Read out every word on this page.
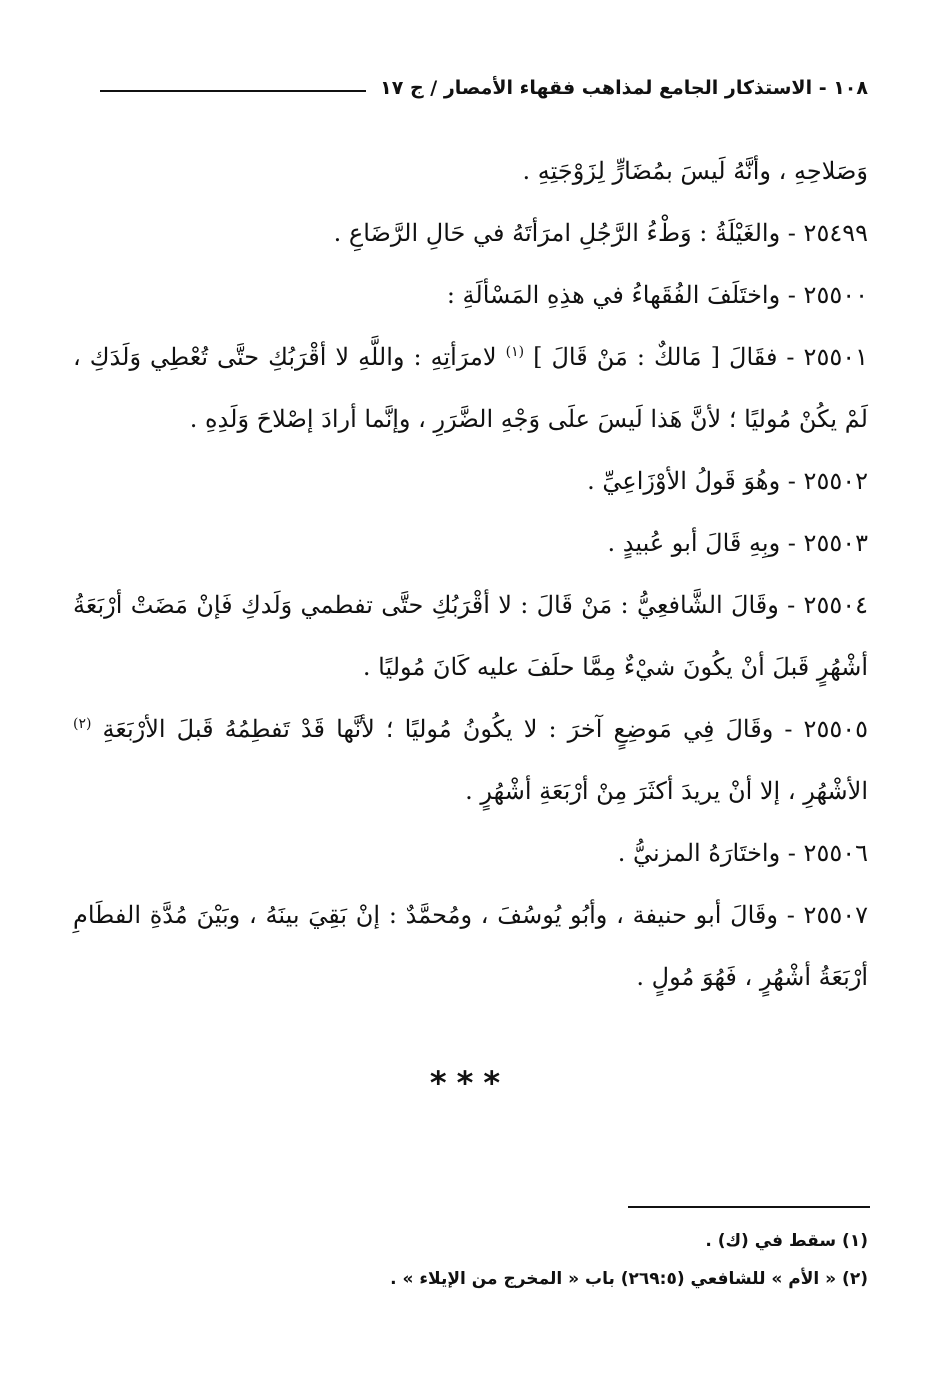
١٠٨ - الاستذكار الجامع لمذاهب فقهاء الأمصار / ج ١٧

وَصَلاحِهِ ، وأنَّهُ لَيسَ بمُضَارٍّ لِزَوْجَتِهِ .

٢٥٤٩٩ - والغَيْلَةُ : وَطْءُ الرَّجُلِ امرَأتَهُ في حَالِ الرَّضَاعِ .

٢٥٥٠٠ - واختَلَفَ الفُقَهاءُ في هذِهِ المَسْألَةِ :

٢٥٥٠١ - فقَالَ [ مَالكٌ : مَنْ قَالَ ] $^{(١)}$ لامرَأتِهِ : واللَّهِ لا أقْرَبُكِ حتَّى تُعْطِي وَلَدَكِ ، لَمْ يكُنْ مُوليًا ؛ لأنَّ هَذا لَيسَ علَى وَجْهِ الضَّرَرِ ، وإنَّما أرادَ إصْلاحَ وَلَدِهِ .

٢٥٥٠٢ - وهُوَ قَولُ الأوْزَاعِيِّ .

٢٥٥٠٣ - وبِهِ قَالَ أبو عُبيدٍ .

٢٥٥٠٤ - وقَالَ الشَّافعِيُّ : مَنْ قَالَ : لا أقْرَبُكِ حتَّى تفطمي وَلَدكِ فَإنْ مَضَتْ أرْبَعَةُ أشْهُرٍ قَبلَ أنْ يكُونَ شيْءٌ مِمَّا حلَفَ عليه كَانَ مُوليًا .

٢٥٥٠٥ - وقَالَ فِي مَوضِعٍ آخرَ : لا يكُونُ مُوليًا ؛ لأنَّها قَدْ تَفطِمُهُ قَبلَ الأرْبَعَةِ $^{(٢)}$ الأشْهُرِ ، إلا أنْ يريدَ أكثَرَ مِنْ أرْبَعَةِ أشْهُرٍ .

٢٥٥٠٦ - واختَارَهُ المزنيُّ .

٢٥٥٠٧ - وقَالَ أبو حنيفة ، وأبُو يُوسُفَ ، ومُحمَّدٌ : إنْ بَقِيَ بينَهُ ، وبَيْنَ مُدَّةِ الفطَامِ أرْبَعَةُ أشْهُرٍ ، فَهُوَ مُولٍ .

***

(١) سقط في (ك) .

(٢) « الأم » للشافعي (٢٦٩:٥) باب « المخرج من الإيلاء » .
